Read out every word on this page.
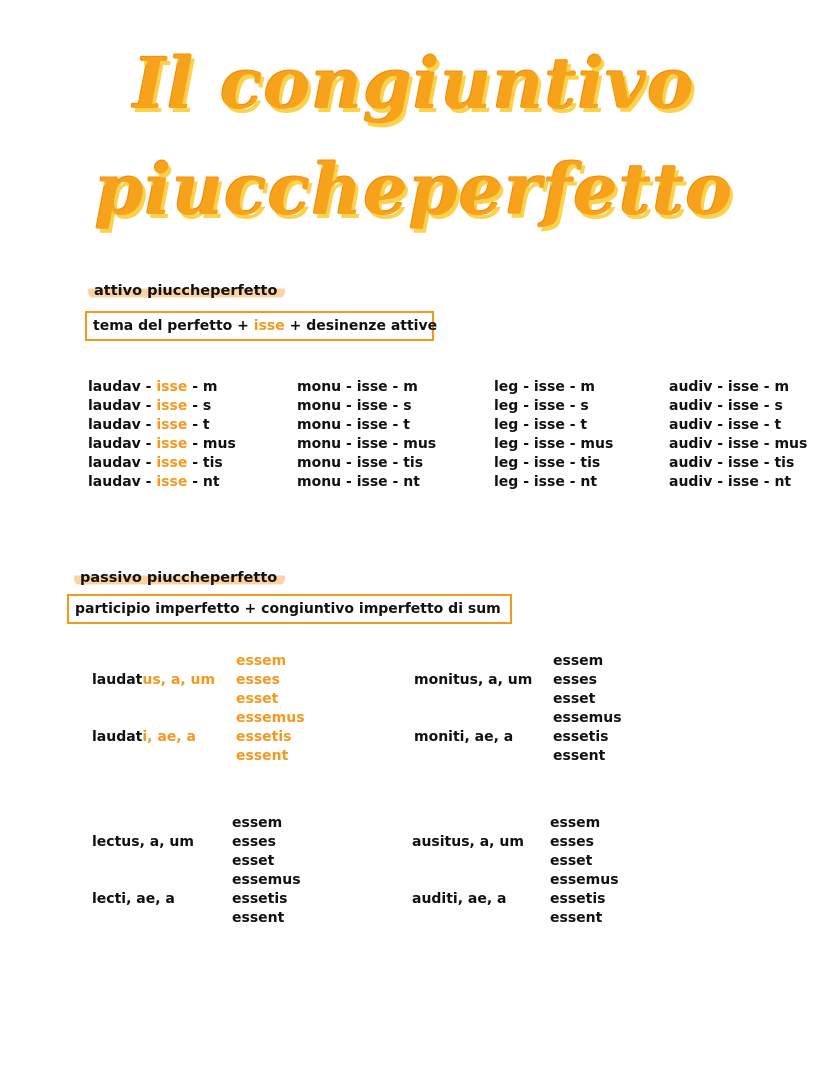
Il congiuntivo
piuccheperfetto
attivo piuccheperfetto
tema del perfetto + isse + desinenze attive
laudav - isse - m
laudav - isse - s
laudav - isse - t
laudav - isse - mus
laudav - isse - tis
laudav - isse - nt
monu - isse - m
monu - isse - s
monu - isse - t
monu - isse - mus
monu - isse - tis
monu - isse - nt
leg - isse - m
leg - isse - s
leg - isse - t
leg - isse - mus
leg - isse - tis
leg - isse - nt
audiv - isse - m
audiv - isse - s
audiv - isse - t
audiv - isse - mus
audiv - isse - tis
audiv - isse - nt
passivo piuccheperfetto
participio imperfetto + congiuntivo imperfetto di sum
laudatus, a, um
laudati, ae, a
essem
esses
esset
essemus
essetis
essent
monitus, a, um
moniti, ae, a
essem
esses
esset
essemus
essetis
essent
lectus, a, um
lecti, ae, a
essem
esses
esset
essemus
essetis
essent
ausitus, a, um
auditi, ae, a
essem
esses
esset
essemus
essetis
essent
